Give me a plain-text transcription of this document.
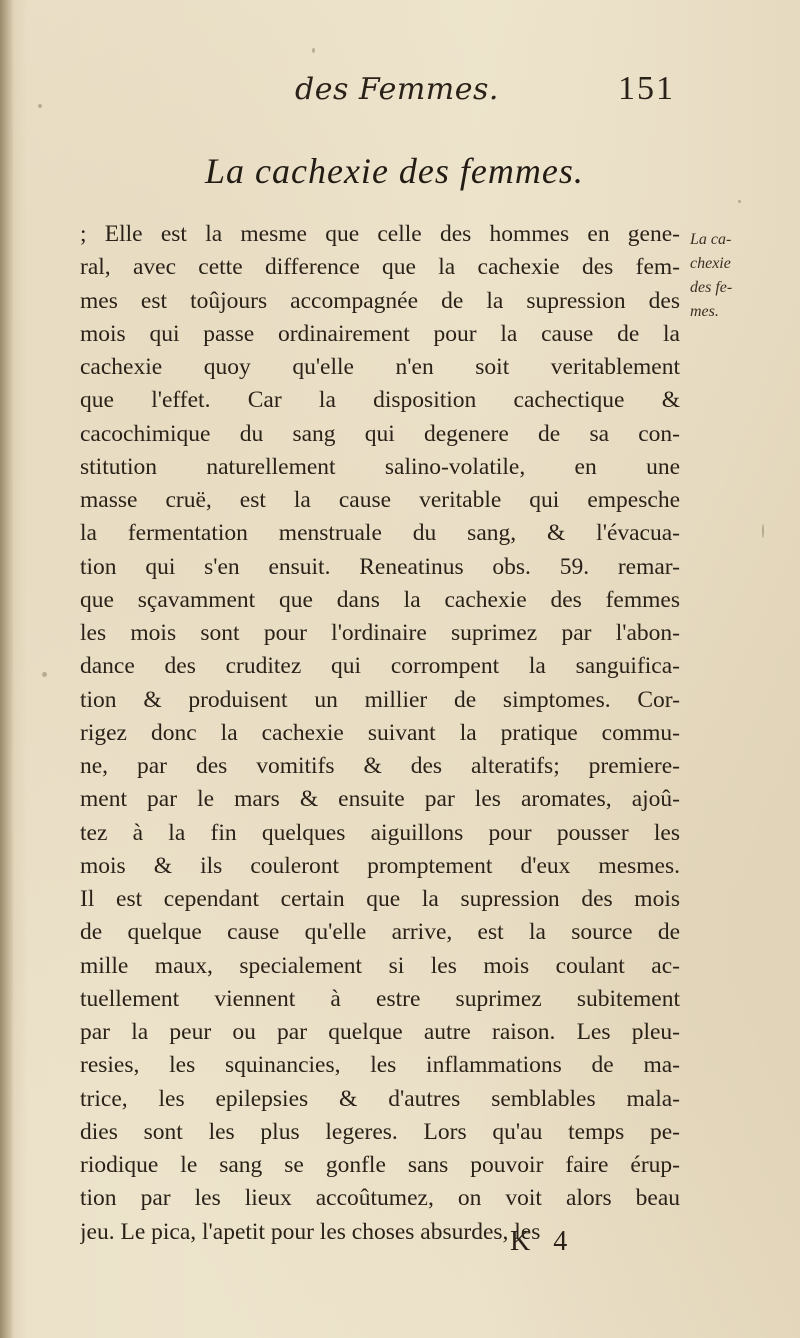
des Femmes.	151
La cachexie des femmes.
La ca-
chexie
des fe-
mes.
; Elle est la mesme que celle des hommes en gene-
ral, avec cette difference que la cachexie des fem-
mes est toûjours accompagnée de la supression des
mois qui passe ordinairement pour la cause de la
cachexie quoy qu'elle n'en soit veritablement
que l'effet. Car la disposition cachectique &
cacochimique du sang qui degenere de sa con-
stitution naturellement salino-volatile, en une
masse cruë, est la cause veritable qui empesche
la fermentation menstruale du sang, & l'évacua-
tion qui s'en ensuit. Reneatinus obs. 59. remar-
que sçavamment que dans la cachexie des femmes
les mois sont pour l'ordinaire suprimez par l'abon-
dance des cruditez qui corrompent la sanguifica-
tion & produisent un millier de simptomes. Cor-
rigez donc la cachexie suivant la pratique commu-
ne, par des vomitifs & des alteratifs; premiere-
ment par le mars & ensuite par les aromates, ajoû-
tez à la fin quelques aiguillons pour pousser les
mois & ils couleront promptement d'eux mesmes.
Il est cependant certain que la supression des mois
de quelque cause qu'elle arrive, est la source de
mille maux, specialement si les mois coulant ac-
tuellement viennent à estre suprimez subitement
par la peur ou par quelque autre raison. Les pleu-
resies, les squinancies, les inflammations de ma-
trice, les epilepsies & d'autres semblables mala-
dies sont les plus legeres. Lors qu'au temps pe-
riodique le sang se gonfle sans pouvoir faire érup-
tion par les lieux accoûtumez, on voit alors beau
jeu. Le pica, l'apetit pour les choses absurdes, les
K 4
